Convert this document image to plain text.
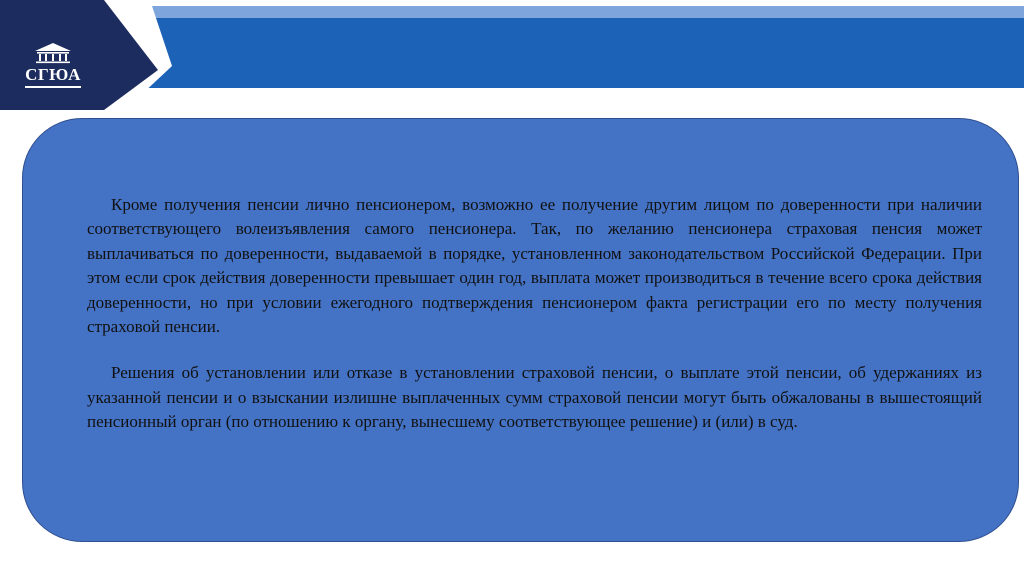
СГЮА

Кроме получения пенсии лично пенсионером, возможно ее получение другим лицом по доверенности при наличии соответствующего волеизъявления самого пенсионера. Так, по желанию пенсионера страховая пенсия может выплачиваться по доверенности, выдаваемой в порядке, установленном законодательством Российской Федерации. При этом если срок действия доверенности превышает один год, выплата может производиться в течение всего срока действия доверенности, но при условии ежегодного подтверждения пенсионером факта регистрации его по месту получения страховой пенсии.

Решения об установлении или отказе в установлении страховой пенсии, о выплате этой пенсии, об удержаниях из указанной пенсии и о взыскании излишне выплаченных сумм страховой пенсии могут быть обжалованы в вышестоящий пенсионный орган (по отношению к органу, вынесшему соответствующее решение) и (или) в суд.
